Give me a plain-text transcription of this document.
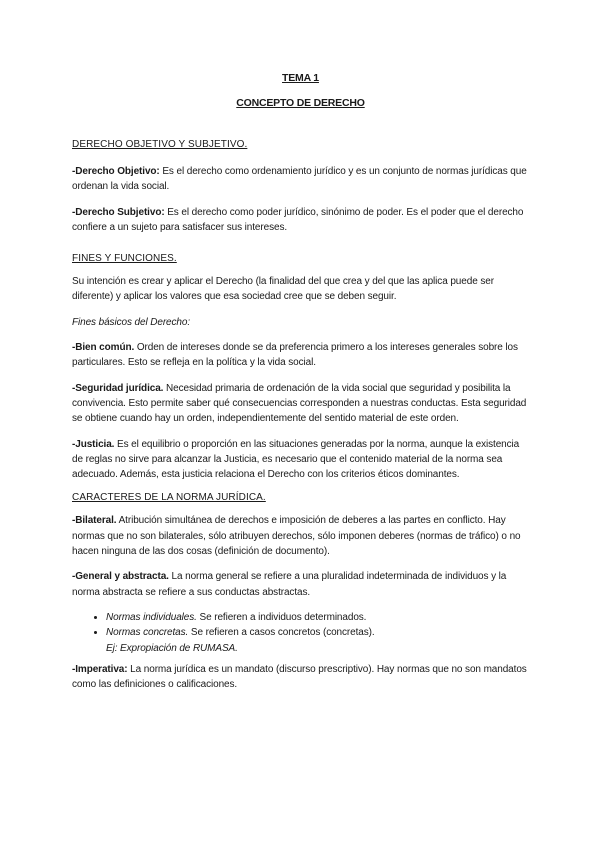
TEMA 1
CONCEPTO DE DERECHO
DERECHO OBJETIVO Y SUBJETIVO.

-Derecho Objetivo: Es el derecho como ordenamiento jurídico y es un conjunto de normas jurídicas que ordenan la vida social.

-Derecho Subjetivo: Es el derecho como poder jurídico, sinónimo de poder. Es el poder que el derecho confiere a un sujeto para satisfacer sus intereses.

FINES Y FUNCIONES.

Su intención es crear y aplicar el Derecho (la finalidad del que crea y del que las aplica puede ser diferente) y aplicar los valores que esa sociedad cree que se deben seguir.

Fines básicos del Derecho:

-Bien común. Orden de intereses donde se da preferencia primero a los intereses generales sobre los particulares. Esto se refleja en la política y la vida social.

-Seguridad jurídica. Necesidad primaria de ordenación de la vida social que seguridad y posibilita la convivencia. Esto permite saber qué consecuencias corresponden a nuestras conductas. Esta seguridad se obtiene cuando hay un orden, independientemente del sentido material de este orden.

-Justicia. Es el equilibrio o proporción en las situaciones generadas por la norma, aunque la existencia de reglas no sirve para alcanzar la Justicia, es necesario que el contenido material de la norma sea adecuado. Además, esta justicia relaciona el Derecho con los criterios éticos dominantes.

CARACTERES DE LA NORMA JURÍDICA.

-Bilateral. Atribución simultánea de derechos e imposición de deberes a las partes en conflicto. Hay normas que no son bilaterales, sólo atribuyen derechos, sólo imponen deberes (normas de tráfico) o no hacen ninguna de las dos cosas (definición de documento).

-General y abstracta. La norma general se refiere a una pluralidad indeterminada de individuos y la norma abstracta se refiere a sus conductas abstractas.

• Normas individuales. Se refieren a individuos determinados.
• Normas concretas. Se refieren a casos concretos (concretas).
Ej: Expropiación de RUMASA.

-Imperativa: La norma jurídica es un mandato (discurso prescriptivo). Hay normas que no son mandatos como las definiciones o calificaciones.
